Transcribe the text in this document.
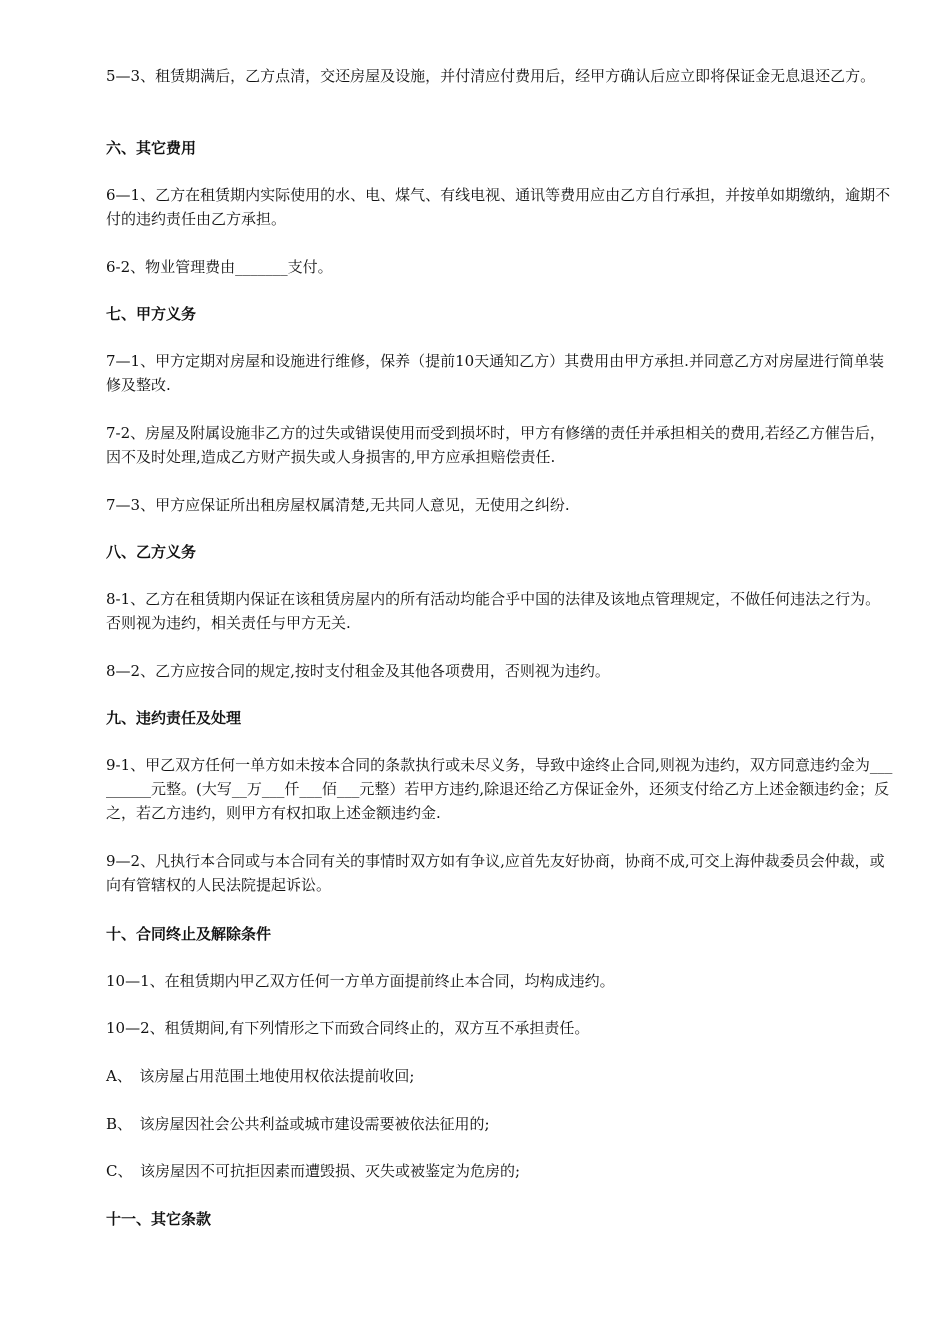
5—3、租赁期满后，乙方点清，交还房屋及设施，并付清应付费用后，经甲方确认后应立即将保证金无息退还乙方。

六、其它费用

6—1、乙方在租赁期内实际使用的水、电、煤气、有线电视、通讯等费用应由乙方自行承担，并按单如期缴纳，逾期不付的违约责任由乙方承担。

6-2、物业管理费由_______支付。

七、甲方义务

7—1、甲方定期对房屋和设施进行维修，保养（提前10天通知乙方）其费用由甲方承担.并同意乙方对房屋进行简单装修及整改.

7-2、房屋及附属设施非乙方的过失或错误使用而受到损坏时，甲方有修缮的责任并承担相关的费用,若经乙方催告后，因不及时处理,造成乙方财产损失或人身损害的,甲方应承担赔偿责任.

7—3、甲方应保证所出租房屋权属清楚,无共同人意见，无使用之纠纷.

八、乙方义务

8-1、乙方在租赁期内保证在该租赁房屋内的所有活动均能合乎中国的法律及该地点管理规定，不做任何违法之行为。否则视为违约，相关责任与甲方无关.

8—2、乙方应按合同的规定,按时支付租金及其他各项费用，否则视为违约。

九、违约责任及处理

9-1、甲乙双方任何一单方如未按本合同的条款执行或未尽义务，导致中途终止合同,则视为违约，双方同意违约金为_________元整。(大写__万___仟___佰___元整）若甲方违约,除退还给乙方保证金外，还须支付给乙方上述金额违约金；反之，若乙方违约，则甲方有权扣取上述金额违约金.

9—2、凡执行本合同或与本合同有关的事情时双方如有争议,应首先友好协商，协商不成,可交上海仲裁委员会仲裁，或向有管辖权的人民法院提起诉讼。

十、合同终止及解除条件

10—1、在租赁期内甲乙双方任何一方单方面提前终止本合同，均构成违约。

10—2、租赁期间,有下列情形之下而致合同终止的，双方互不承担责任。

A、　该房屋占用范围土地使用权依法提前收回;

B、　该房屋因社会公共利益或城市建设需要被依法征用的;

C、　该房屋因不可抗拒因素而遭毁损、灭失或被鉴定为危房的;

十一、其它条款
